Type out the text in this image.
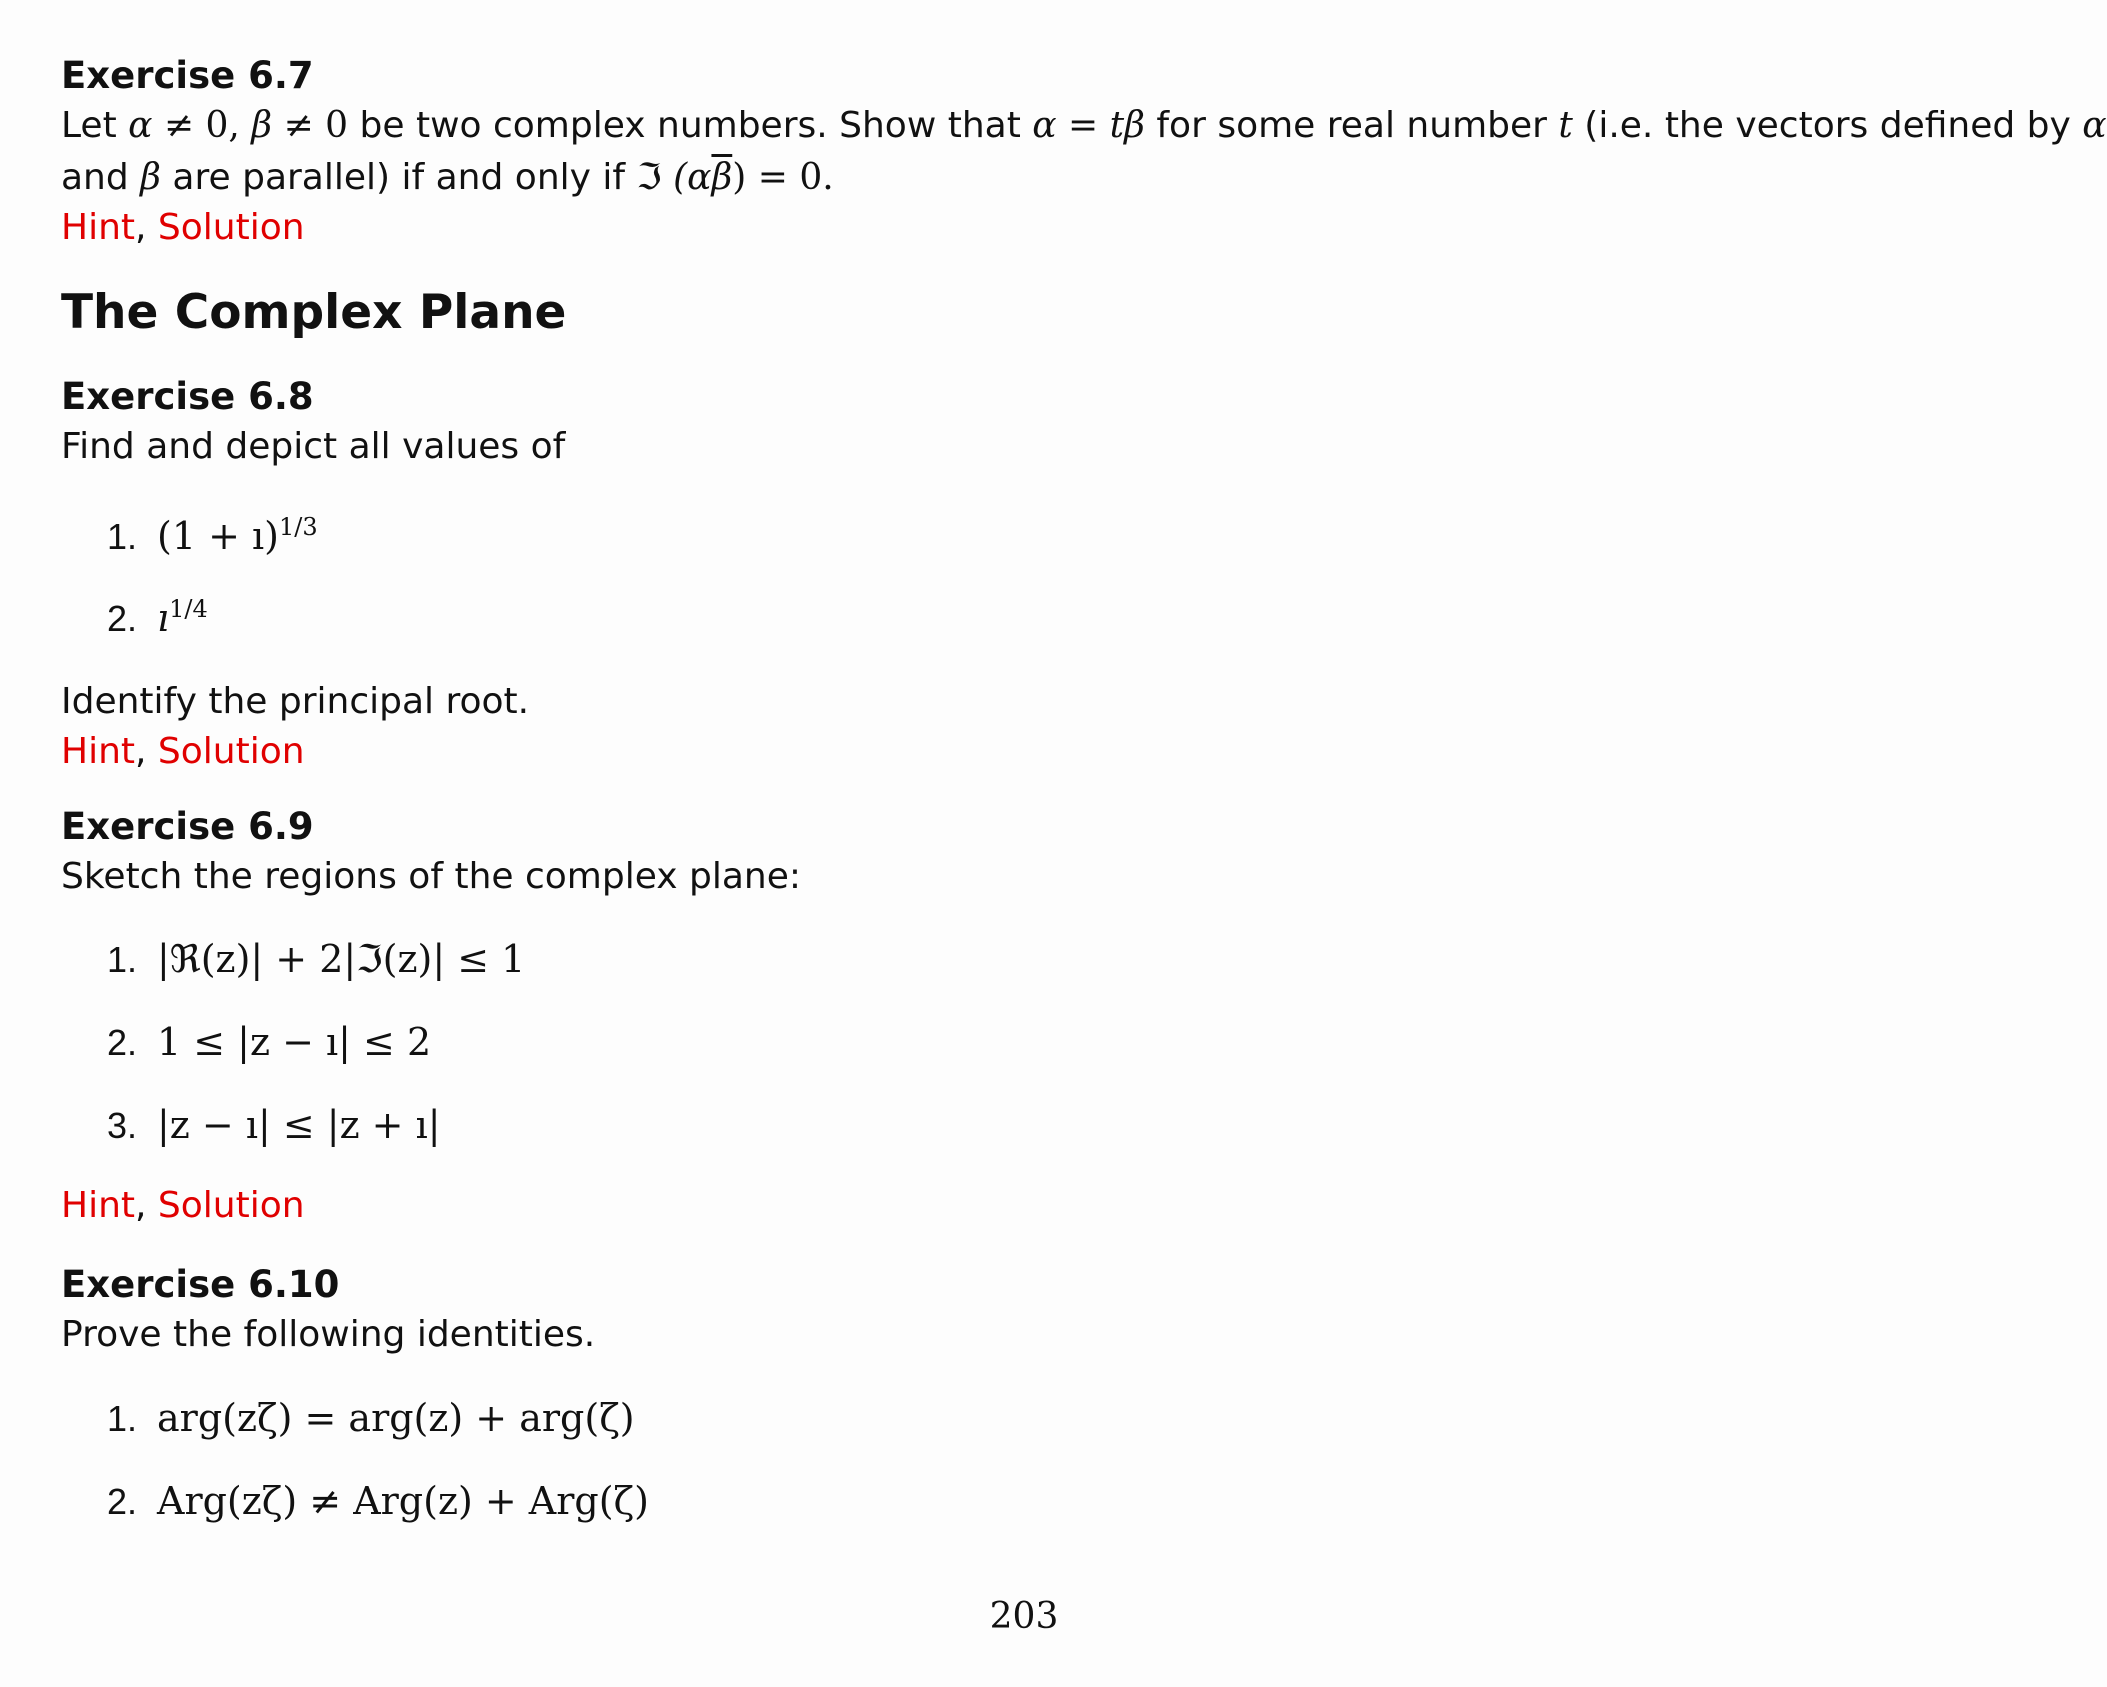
Exercise 6.7

Let α ≠ 0, β ≠ 0 be two complex numbers. Show that α = tβ for some real number t (i.e. the vectors defined by α

and β are parallel) if and only if ℑ $(\alpha\overline{\beta}) = 0$.

Hint, Solution

The Complex Plane

Exercise 6.8

Find and depict all values of

1. (1 + ı)$^{1/3}$
2. $ı^{1/4}$

Identify the principal root.

Hint, Solution

Exercise 6.9

Sketch the regions of the complex plane:

1. |ℜ(z)| + 2|ℑ(z)| ≤ 1
2. 1 ≤ |z − ı| ≤ 2
3. |z − ı| ≤ |z + ı|

Hint, Solution

Exercise 6.10

Prove the following identities.

1. arg(zζ) = arg(z) + arg(ζ)
2. Arg(zζ) ≠ Arg(z) + Arg(ζ)
203
